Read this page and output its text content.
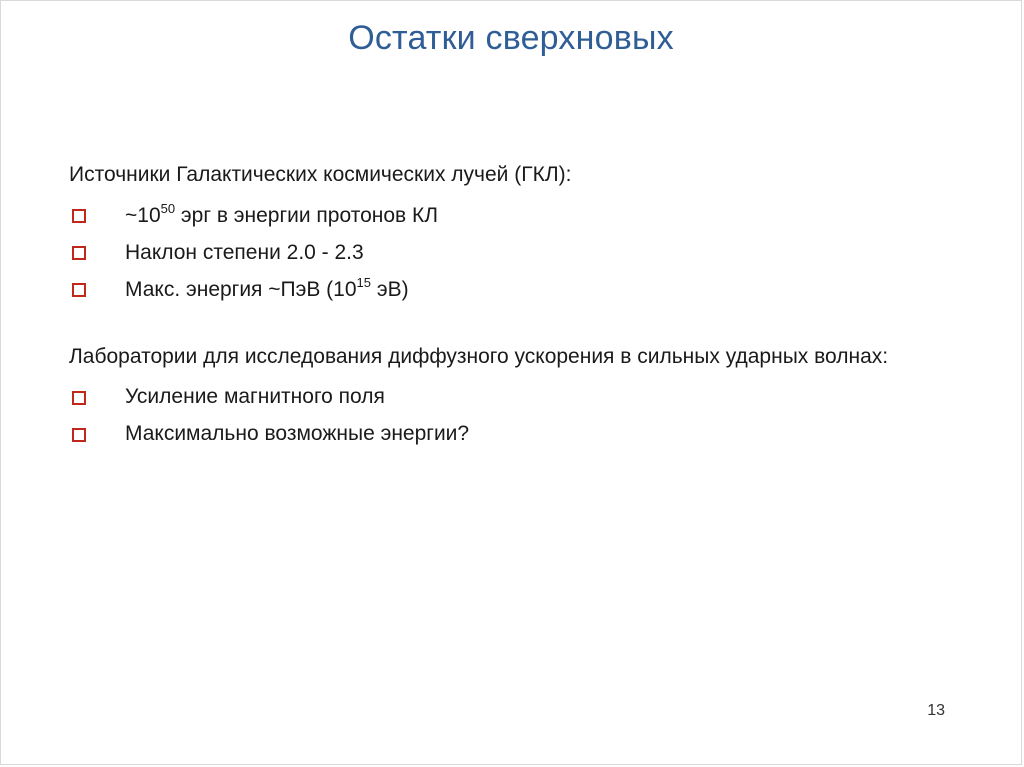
Остатки сверхновых
Источники Галактических космических лучей (ГКЛ):
$\sim 10^{50}$ эрг в энергии протонов КЛ
Наклон степени 2.0 - 2.3
Макс. энергия ~ПэВ ($10^{15}$ эВ)
Лаборатории для исследования диффузного ускорения в сильных ударных волнах:
Усиление магнитного поля
Максимально возможные энергии?
13
